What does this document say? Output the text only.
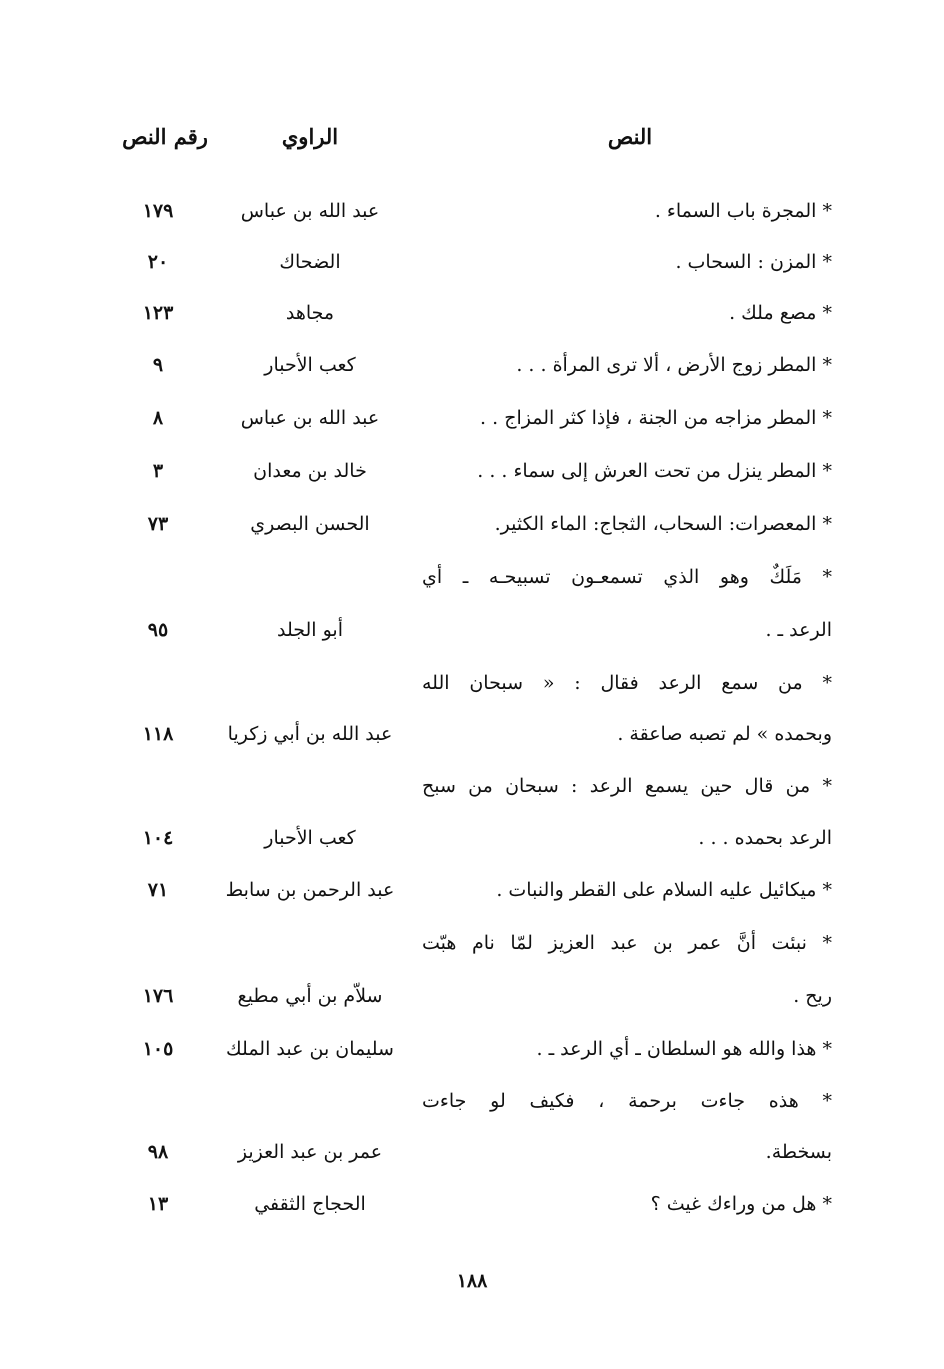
النص
الراوي
رقم النص
* المجرة باب السماء .
عبد الله بن عباس
١٧٩
* المزن : السحاب .
الضحاك
٢٠
* مصع ملك .
مجاهد
١٢٣
* المطر زوج الأرض ، ألا ترى المرأة . . .
كعب الأحبار
٩
* المطر مزاجه من الجنة ، فإذا كثر المزاج . .
عبد الله بن عباس
٨
* المطر ينزل من تحت العرش إلى سماء . . .
خالد بن معدان
٣
* المعصرات: السحاب، الثجاج: الماء الكثير.
الحسن البصري
٧٣
* مَلَكٌ وهو الذي تسمعـون تسبيحـه ـ أي
الرعد ـ .
أبو الجلد
٩٥
* من سمع الرعد فقال : « سبحان الله
وبحمده » لم تصبه صاعقة .
عبد الله بن أبي زكريا
١١٨
* من قال حين يسمع الرعد : سبحان من سبح
الرعد بحمده . . .
كعب الأحبار
١٠٤
* ميكائيل عليه السلام على القطر والنبات .
عبد الرحمن بن سابط
٧١
* نبئت أنَّ عمر بن عبد العزيز لمّا نام هبّت
ريح .
سلاّم بن أبي مطيع
١٧٦
* هذا والله هو السلطان ـ أي الرعد ـ .
سليمان بن عبد الملك
١٠٥
* هذه جاءت برحمة ، فكيف لو جاءت
بسخطة.
عمر بن عبد العزيز
٩٨
* هل من وراءك غيث ؟
الحجاج الثقفي
١٣
١٨٨
